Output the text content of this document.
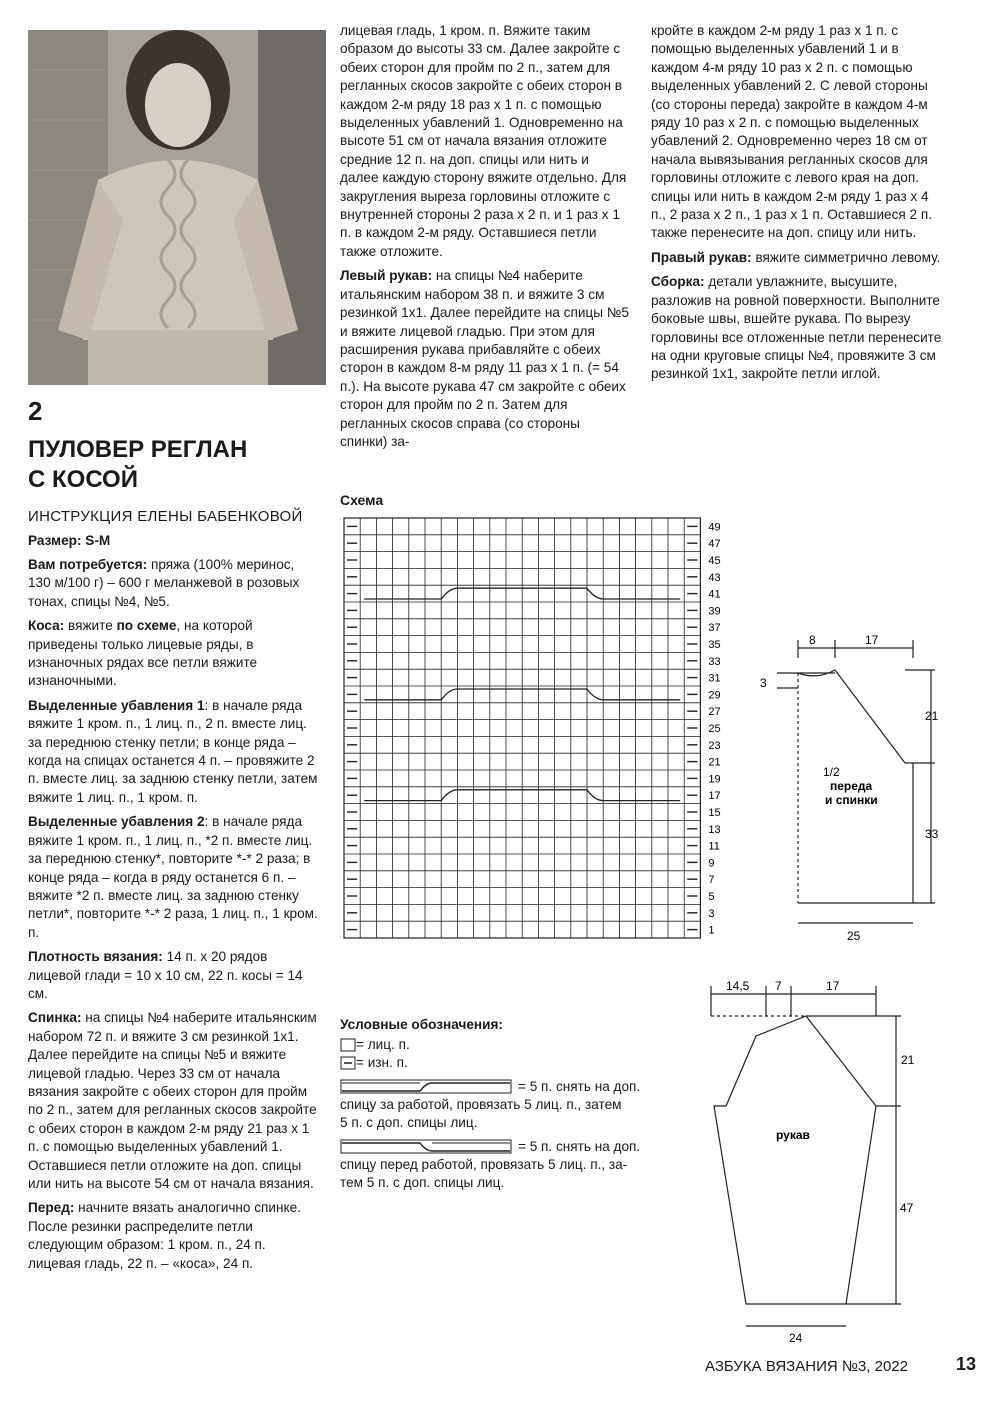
2
ПУЛОВЕР РЕГЛАН
С КОСОЙ
ИНСТРУКЦИЯ ЕЛЕНЫ БАБЕНКОВОЙ
Размер: S-M

Вам потребуется: пряжа (100% меринос, 130 м/100 г) – 600 г меланжевой в розовых тонах, спицы №4, №5.

Коса: вяжите по схеме, на которой приведены только лицевые ряды, в изнаночных рядах все петли вяжите изнаночными.

Выделенные убавления 1: в начале ряда вяжите 1 кром. п., 1 лиц. п., 2 п. вместе лиц. за переднюю стенку петли; в конце ряда – когда на спицах останется 4 п. – провяжите 2 п. вместе лиц. за заднюю стенку петли, затем вяжите 1 лиц. п., 1 кром. п.

Выделенные убавления 2: в начале ряда вяжите 1 кром. п., 1 лиц. п., *2 п. вместе лиц. за переднюю стенку*, повторите *-* 2 раза; в конце ряда – когда в ряду останется 6 п. – вяжите *2 п. вместе лиц. за заднюю стенку петли*, повторите *-* 2 раза, 1 лиц. п., 1 кром. п.

Плотность вязания: 14 п. х 20 рядов лицевой глади = 10 х 10 см, 22 п. косы = 14 см.

Спинка: на спицы №4 наберите итальянским набором 72 п. и вяжите 3 см резинкой 1х1. Далее перейдите на спицы №5 и вяжите лицевой гладью. Через 33 см от начала вязания закройте с обеих сторон для пройм по 2 п., затем для регланных скосов закройте с обеих сторон в каждом 2-м ряду 21 раз х 1 п. с помощью выделенных убавлений 1. Оставшиеся петли отложите на доп. спицы или нить на высоте 54 см от начала вязания.

Перед: начните вязать аналогично спинке. После резинки распределите петли следующим образом: 1 кром. п., 24 п. лицевая гладь, 22 п. – «коса», 24 п.

лицевая гладь, 1 кром. п. Вяжите таким образом до высоты 33 см. Далее закройте с обеих сторон для пройм по 2 п., затем для регланных скосов закройте с обеих сторон в каждом 2-м ряду 18 раз х 1 п. с помощью выделенных убавлений 1. Одновременно на высоте 51 см от начала вязания отложите средние 12 п. на доп. спицы или нить и далее каждую сторону вяжите отдельно. Для закругления выреза горловины отложите с внутренней стороны 2 раза х 2 п. и 1 раз х 1 п. в каждом 2-м ряду. Оставшиеся петли также отложите.

Левый рукав: на спицы №4 наберите итальянским набором 38 п. и вяжите 3 см резинкой 1х1. Далее перейдите на спицы №5 и вяжите лицевой гладью. При этом для расширения рукава прибавляйте с обеих сторон в каждом 8-м ряду 11 раз х 1 п. (= 54 п.). На высоте рукава 47 см закройте с обеих сторон для пройм по 2 п. Затем для регланных скосов справа (со стороны спинки) за-

кройте в каждом 2-м ряду 1 раз х 1 п. с помощью выделенных убавлений 1 и в каждом 4-м ряду 10 раз х 2 п. с помощью выделенных убавлений 2. С левой стороны (со стороны переда) закройте в каждом 4-м ряду 10 раз х 2 п. с помощью выделенных убавлений 2. Одновременно через 18 см от начала вывязывания регланных скосов для горловины отложите с левого края на доп. спицы или нить в каждом 2-м ряду 1 раз х 4 п., 2 раза х 2 п., 1 раз х 1 п. Оставшиеся 2 п. также перенесите на доп. спицу или нить.

Правый рукав: вяжите симметрично левому.

Сборка: детали увлажните, высушите, разложив на ровной поверхности. Выполните боковые швы, вшейте рукава. По вырезу горловины все отложенные петли перенесите на одни круговые спицы №4, провяжите 3 см резинкой 1х1, закройте петли иглой.

Схема
49
47
45
43
41
39
37
35
33
31
29
27
25
23
21
19
17
15
13
11
9
7
5
3
1
8	17
3
21
33
25
1/2
переда
и спинки
14,5 7	17
21
47
24
рукав
Условные обозначения:
= лиц. п.
= изн. п.
= 5 п. снять на доп.
спицу за работой, провязать 5 лиц. п., затем
5 п. с доп. спицы лиц.
= 5 п. снять на доп.
спицу перед работой, провязать 5 лиц. п., за-
тем 5 п. с доп. спицы лиц.
АЗБУКА ВЯЗАНИЯ №3, 2022	13
